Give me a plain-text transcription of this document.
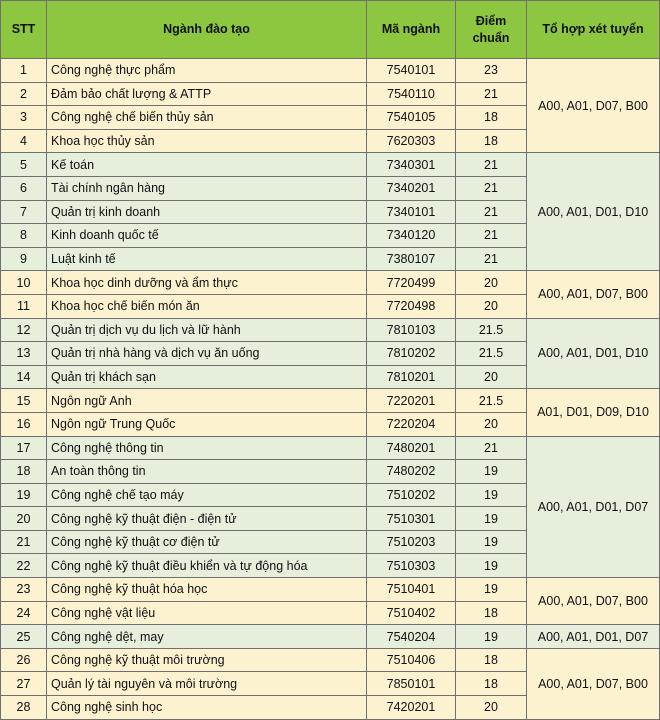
STT	Ngành đào tạo	Mã ngành	Điểm chuẩn	Tổ hợp xét tuyển
1	Công nghệ thực phẩm	7540101	23	A00, A01, D07, B00
2	Đảm bảo chất lượng & ATTP	7540110	21	
3	Công nghệ chế biến thủy sản	7540105	18	
4	Khoa học thủy sản	7620303	18	
5	Kế toán	7340301	21	A00, A01, D01, D10
6	Tài chính ngân hàng	7340201	21	
7	Quản trị kinh doanh	7340101	21	
8	Kinh doanh quốc tế	7340120	21	
9	Luật kinh tế	7380107	21	
10	Khoa học dinh dưỡng và ẩm thực	7720499	20	A00, A01, D07, B00
11	Khoa học chế biến món ăn	7720498	20	
12	Quản trị dịch vụ du lịch và lữ hành	7810103	21.5	A00, A01, D01, D10
13	Quản trị nhà hàng và dịch vụ ăn uống	7810202	21.5	
14	Quản trị khách sạn	7810201	20	
15	Ngôn ngữ Anh	7220201	21.5	A01, D01, D09, D10
16	Ngôn ngữ Trung Quốc	7220204	20	
17	Công nghệ thông tin	7480201	21	A00, A01, D01, D07
18	An toàn thông tin	7480202	19	
19	Công nghệ chế tạo máy	7510202	19	
20	Công nghệ kỹ thuật điện - điện tử	7510301	19	
21	Công nghệ kỹ thuật cơ điện tử	7510203	19	
22	Công nghệ kỹ thuật điều khiển và tự động hóa	7510303	19	
23	Công nghệ kỹ thuật hóa học	7510401	19	A00, A01, D07, B00
24	Công nghệ vật liệu	7510402	18	
25	Công nghệ dệt, may	7540204	19	A00, A01, D01, D07
26	Công nghệ kỹ thuật môi trường	7510406	18	A00, A01, D07, B00
27	Quản lý tài nguyên và môi trường	7850101	18	
28	Công nghệ sinh học	7420201	20	
